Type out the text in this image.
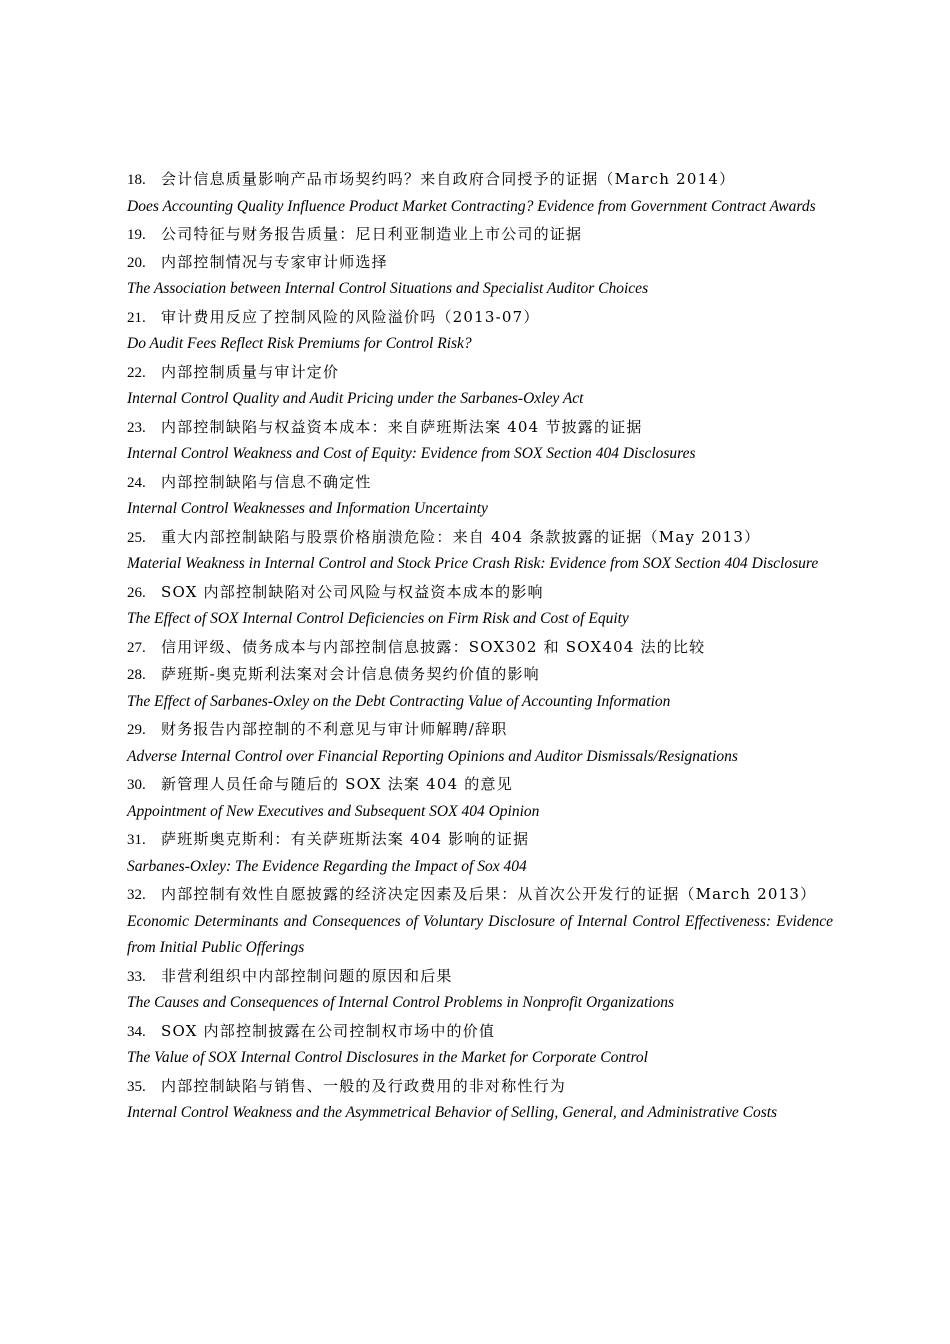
18. 会计信息质量影响产品市场契约吗？来自政府合同授予的证据（March 2014）
Does Accounting Quality Influence Product Market Contracting? Evidence from Government Contract Awards
19. 公司特征与财务报告质量：尼日利亚制造业上市公司的证据
20. 内部控制情况与专家审计师选择
The Association between Internal Control Situations and Specialist Auditor Choices
21. 审计费用反应了控制风险的风险溢价吗（2013-07）
Do Audit Fees Reflect Risk Premiums for Control Risk?
22. 内部控制质量与审计定价
Internal Control Quality and Audit Pricing under the Sarbanes-Oxley Act
23. 内部控制缺陷与权益资本成本：来自萨班斯法案 404 节披露的证据
Internal Control Weakness and Cost of Equity: Evidence from SOX Section 404 Disclosures
24. 内部控制缺陷与信息不确定性
Internal Control Weaknesses and Information Uncertainty
25. 重大内部控制缺陷与股票价格崩溃危险：来自 404 条款披露的证据（May 2013）
Material Weakness in Internal Control and Stock Price Crash Risk: Evidence from SOX Section 404 Disclosure
26. SOX 内部控制缺陷对公司风险与权益资本成本的影响
The Effect of SOX Internal Control Deficiencies on Firm Risk and Cost of Equity
27. 信用评级、债务成本与内部控制信息披露：SOX302 和 SOX404 法的比较
28. 萨班斯-奥克斯利法案对会计信息债务契约价值的影响
The Effect of Sarbanes-Oxley on the Debt Contracting Value of Accounting Information
29. 财务报告内部控制的不利意见与审计师解聘/辞职
Adverse Internal Control over Financial Reporting Opinions and Auditor Dismissals/Resignations
30. 新管理人员任命与随后的 SOX 法案 404 的意见
Appointment of New Executives and Subsequent SOX 404 Opinion
31. 萨班斯奥克斯利：有关萨班斯法案 404 影响的证据
Sarbanes-Oxley: The Evidence Regarding the Impact of Sox 404
32. 内部控制有效性自愿披露的经济决定因素及后果：从首次公开发行的证据（March 2013）
Economic Determinants and Consequences of Voluntary Disclosure of Internal Control Effectiveness: Evidence from Initial Public Offerings
33. 非营利组织中内部控制问题的原因和后果
The Causes and Consequences of Internal Control Problems in Nonprofit Organizations
34. SOX 内部控制披露在公司控制权市场中的价值
The Value of SOX Internal Control Disclosures in the Market for Corporate Control
35. 内部控制缺陷与销售、一般的及行政费用的非对称性行为
Internal Control Weakness and the Asymmetrical Behavior of Selling, General, and Administrative Costs
